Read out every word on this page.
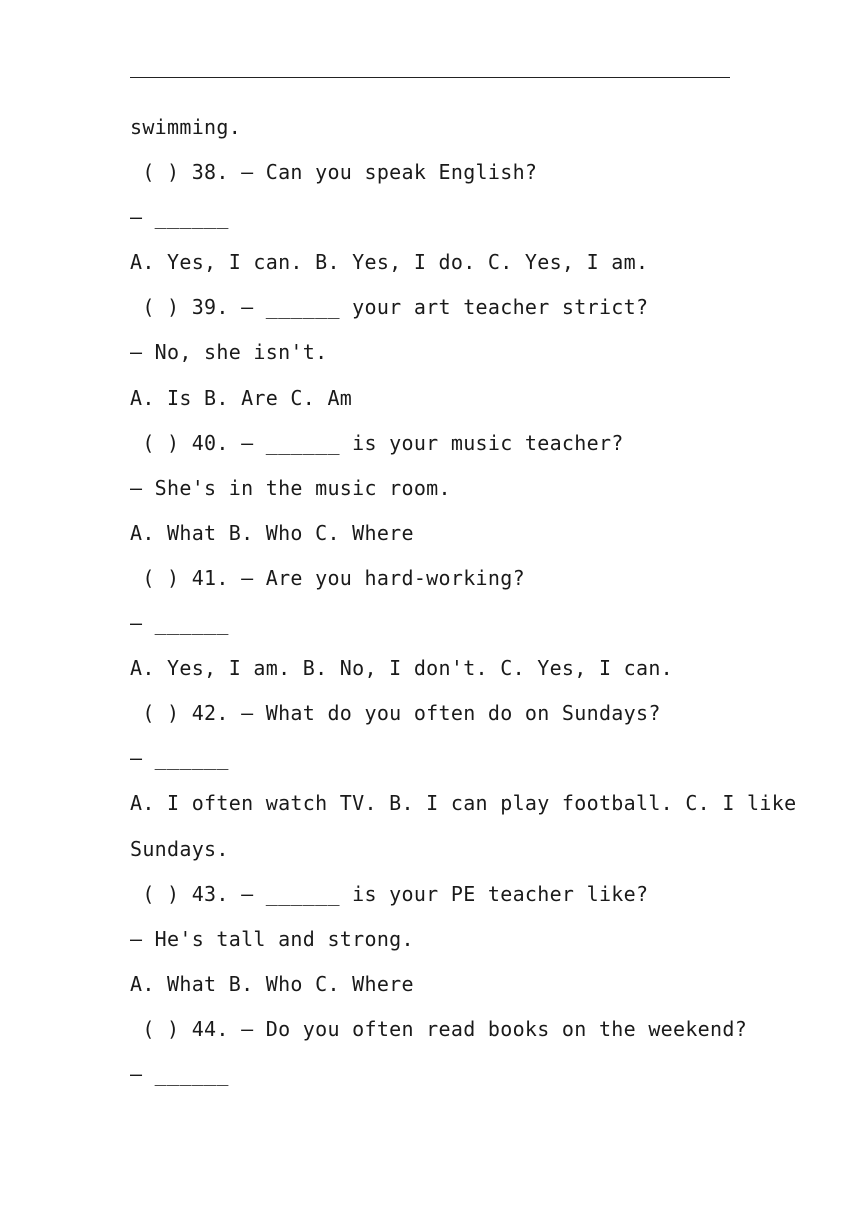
swimming.
( ) 38. — Can you speak English?
— ______
A. Yes, I can. B. Yes, I do. C. Yes, I am.
( ) 39. — ______ your art teacher strict?
— No, she isn't.
A. Is B. Are C. Am
( ) 40. — ______ is your music teacher?
— She's in the music room.
A. What B. Who C. Where
( ) 41. — Are you hard-working?
— ______
A. Yes, I am. B. No, I don't. C. Yes, I can.
( ) 42. — What do you often do on Sundays?
— ______
A. I often watch TV. B. I can play football. C. I like
Sundays.
( ) 43. — ______ is your PE teacher like?
— He's tall and strong.
A. What B. Who C. Where
( ) 44. — Do you often read books on the weekend?
— ______
